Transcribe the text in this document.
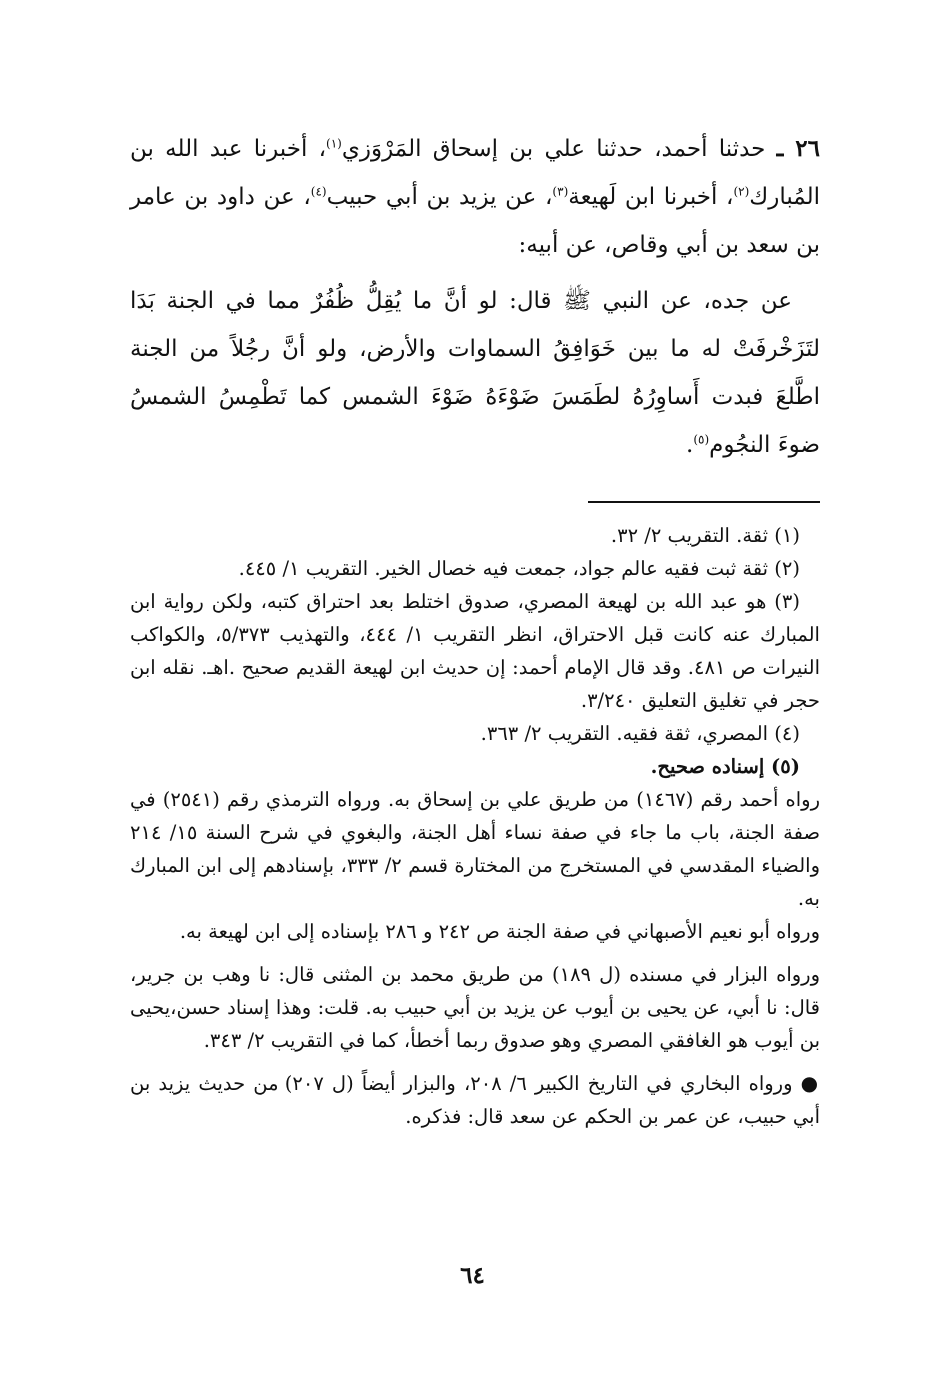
٢٦ ـ حدثنا أحمد، حدثنا علي بن إسحاق المَرْوَزي$^{(١)}$، أخبرنا عبد الله بن المُبارك$^{(٢)}$، أخبرنا ابن لَهيعة$^{(٣)}$، عن يزيد بن أبي حبيب$^{(٤)}$، عن داود بن عامر بن سعد بن أبي وقاص، عن أبيه:

عن جده، عن النبي ﷺ قال: لو أنَّ ما يُقِلُّ ظُفُرٌ مما في الجنة بَدَا لتَزَخْرفَتْ له ما بين خَوَافِقُ السماوات والأرض، ولو أنَّ رجُلاً من الجنة اطَّلعَ فبدت أَساوِرُهُ لطَمَسَ ضَوْءَهُ ضَوْءَ الشمس كما تَطْمِسُ الشمسُ ضوءَ النجُوم$^{(٥)}$.

(١) ثقة. التقريب ٢/ ٣٢.

(٢) ثقة ثبت فقيه عالم جواد، جمعت فيه خصال الخير. التقريب ١/ ٤٤٥.

(٣) هو عبد الله بن لهيعة المصري، صدوق اختلط بعد احتراق كتبه، ولكن رواية ابن المبارك عنه كانت قبل الاحتراق، انظر التقريب ١/ ٤٤٤، والتهذيب ٥/٣٧٣، والكواكب النيرات ص ٤٨١. وقد قال الإمام أحمد: إن حديث ابن لهيعة القديم صحيح .اهـ. نقله ابن حجر في تغليق التعليق ٣/٢٤٠.

(٤) المصري، ثقة فقيه. التقريب ٢/ ٣٦٣.

(٥) إسناده صحيح.

رواه أحمد رقم (١٤٦٧) من طريق علي بن إسحاق به. ورواه الترمذي رقم (٢٥٤١) في صفة الجنة، باب ما جاء في صفة نساء أهل الجنة، والبغوي في شرح السنة ١٥/ ٢١٤ والضياء المقدسي في المستخرج من المختارة قسم ٢/ ٣٣٣، بإسنادهم إلى ابن المبارك به.

ورواه أبو نعيم الأصبهاني في صفة الجنة ص ٢٤٢ و ٢٨٦ بإسناده إلى ابن لهيعة به.

ورواه البزار في مسنده (ل ١٨٩) من طريق محمد بن المثنى قال: نا وهب بن جرير، قال: نا أبي، عن يحيى بن أيوب عن يزيد بن أبي حبيب به. قلت: وهذا إسناد حسن،يحيى بن أيوب هو الغافقي المصري وهو صدوق ربما أخطأ، كما في التقريب ٢/ ٣٤٣.

● ورواه البخاري في التاريخ الكبير ٦/ ٢٠٨، والبزار أيضاً (ل ٢٠٧) من حديث يزيد بن أبي حبيب، عن عمر بن الحكم عن سعد قال: فذكره.

٦٤
